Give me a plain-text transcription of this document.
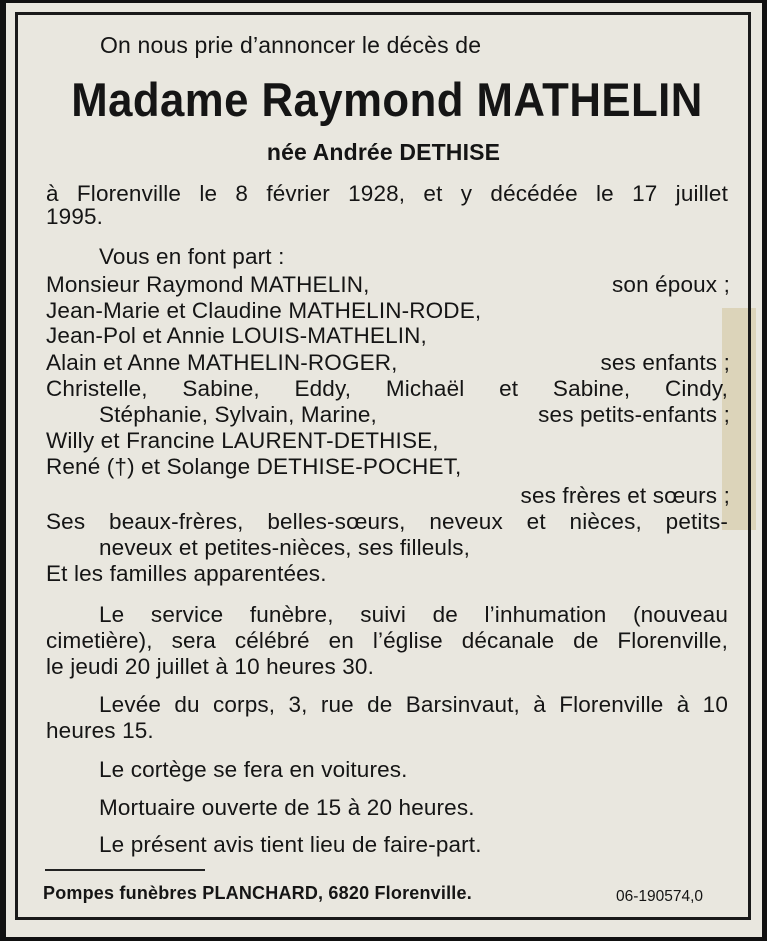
On nous prie d’annoncer le décès de
Madame Raymond MATHELIN
née Andrée DETHISE
à Florenville le 8 février 1928, et y décédée le 17 juillet
1995.
Vous en font part :
Monsieur Raymond MATHELIN,	son époux ;
Jean-Marie et Claudine MATHELIN-RODE,
Jean-Pol et Annie LOUIS-MATHELIN,
Alain et Anne MATHELIN-ROGER,	ses enfants ;
Christelle, Sabine, Eddy, Michaël et Sabine, Cindy,
Stéphanie, Sylvain, Marine,	ses petits-enfants ;
Willy et Francine LAURENT-DETHISE,
René (†) et Solange DETHISE-POCHET,
ses frères et sœurs ;
Ses beaux-frères, belles-sœurs, neveux et nièces, petits-
neveux et petites-nièces, ses filleuls,
Et les familles apparentées.
Le service funèbre, suivi de l’inhumation (nouveau
cimetière), sera célébré en l’église décanale de Florenville,
le jeudi 20 juillet à 10 heures 30.
Levée du corps, 3, rue de Barsinvaut, à Florenville à 10
heures 15.
Le cortège se fera en voitures.
Mortuaire ouverte de 15 à 20 heures.
Le présent avis tient lieu de faire-part.
Pompes funèbres PLANCHARD, 6820 Florenville.	06-190574,0
